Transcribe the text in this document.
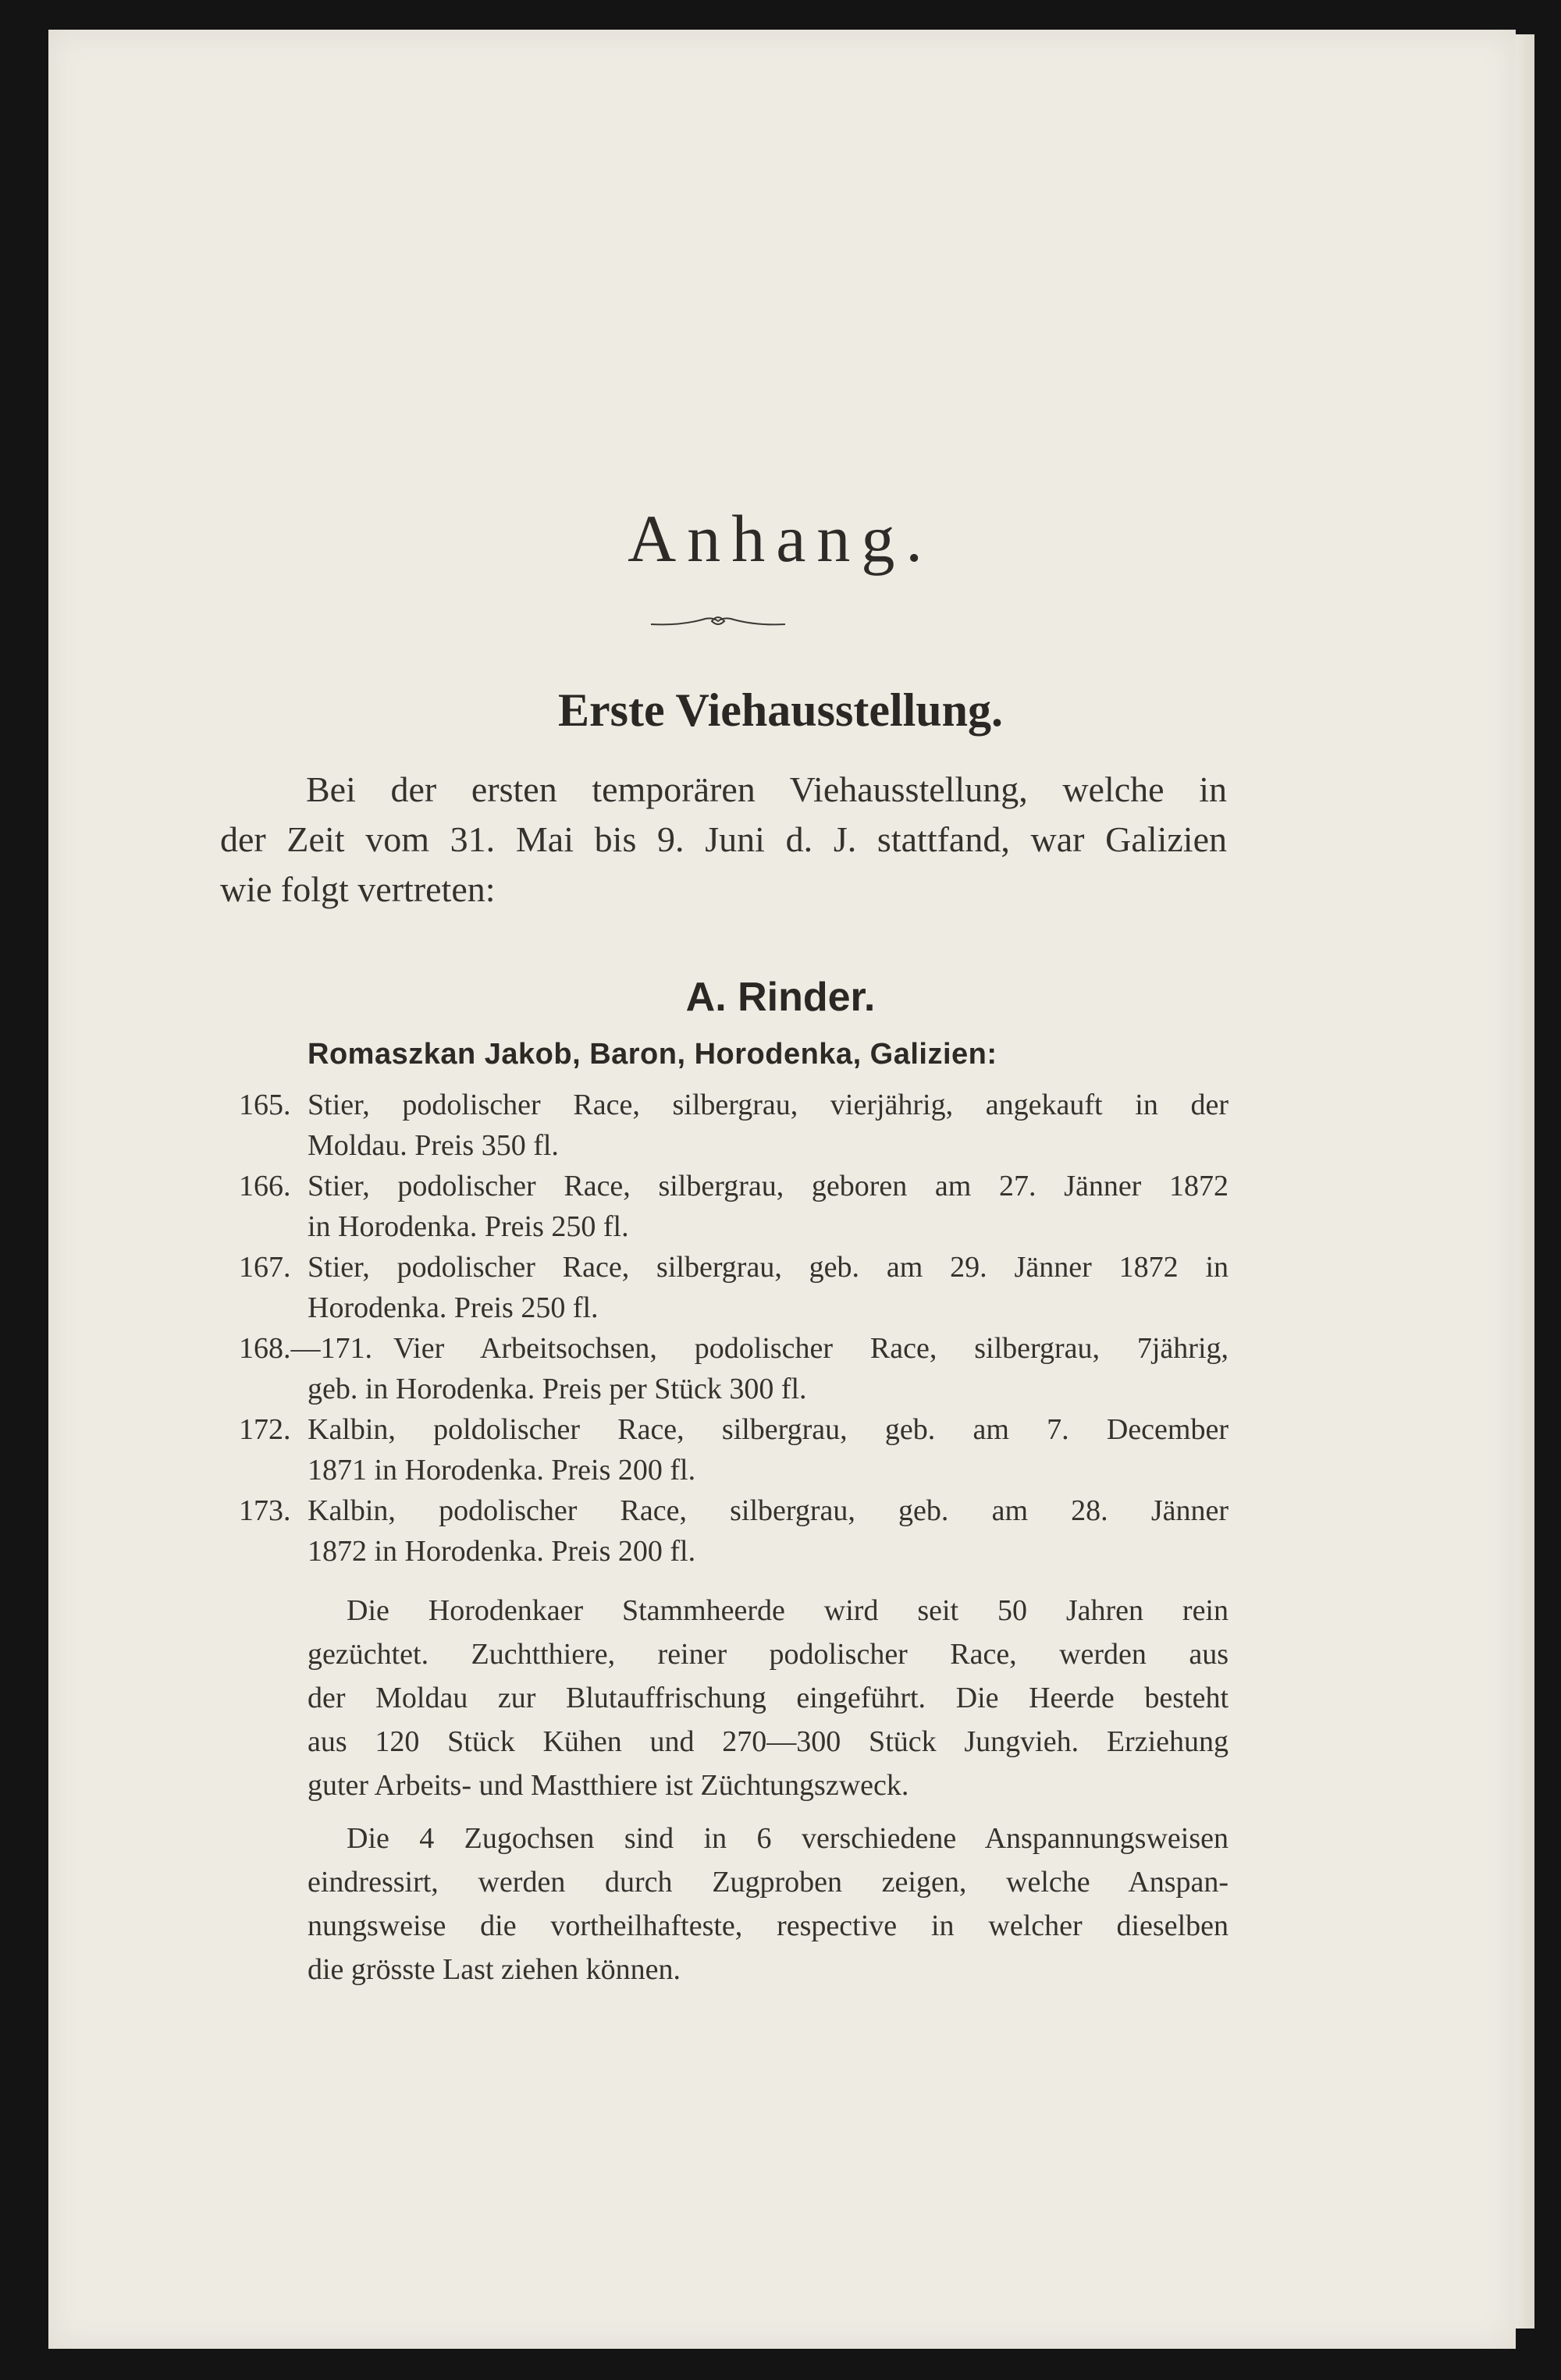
Anhang.
Erste Viehausstellung.
Bei der ersten temporären Viehausstellung, welche in
der Zeit vom 31. Mai bis 9. Juni d. J. stattfand, war Galizien
wie folgt vertreten:
A. Rinder.
Romaszkan Jakob, Baron, Horodenka, Galizien:
165. Stier, podolischer Race, silbergrau, vierjährig, angekauft in der
Moldau. Preis 350 fl.
166. Stier, podolischer Race, silbergrau, geboren am 27. Jänner 1872
in Horodenka. Preis 250 fl.
167. Stier, podolischer Race, silbergrau, geb. am 29. Jänner 1872 in
Horodenka. Preis 250 fl.
168.—171. Vier Arbeitsochsen, podolischer Race, silbergrau, 7jährig,
geb. in Horodenka. Preis per Stück 300 fl.
172. Kalbin, poldolischer Race, silbergrau, geb. am 7. December
1871 in Horodenka. Preis 200 fl.
173. Kalbin, podolischer Race, silbergrau, geb. am 28. Jänner
1872 in Horodenka. Preis 200 fl.
Die Horodenkaer Stammheerde wird seit 50 Jahren rein
gezüchtet. Zuchtthiere, reiner podolischer Race, werden aus
der Moldau zur Blutauffrischung eingeführt. Die Heerde besteht
aus 120 Stück Kühen und 270—300 Stück Jungvieh. Erziehung
guter Arbeits- und Mastthiere ist Züchtungszweck.
Die 4 Zugochsen sind in 6 verschiedene Anspannungsweisen
eindressirt, werden durch Zugproben zeigen, welche Anspan-
nungsweise die vortheilhafteste, respective in welcher dieselben
die grösste Last ziehen können.
